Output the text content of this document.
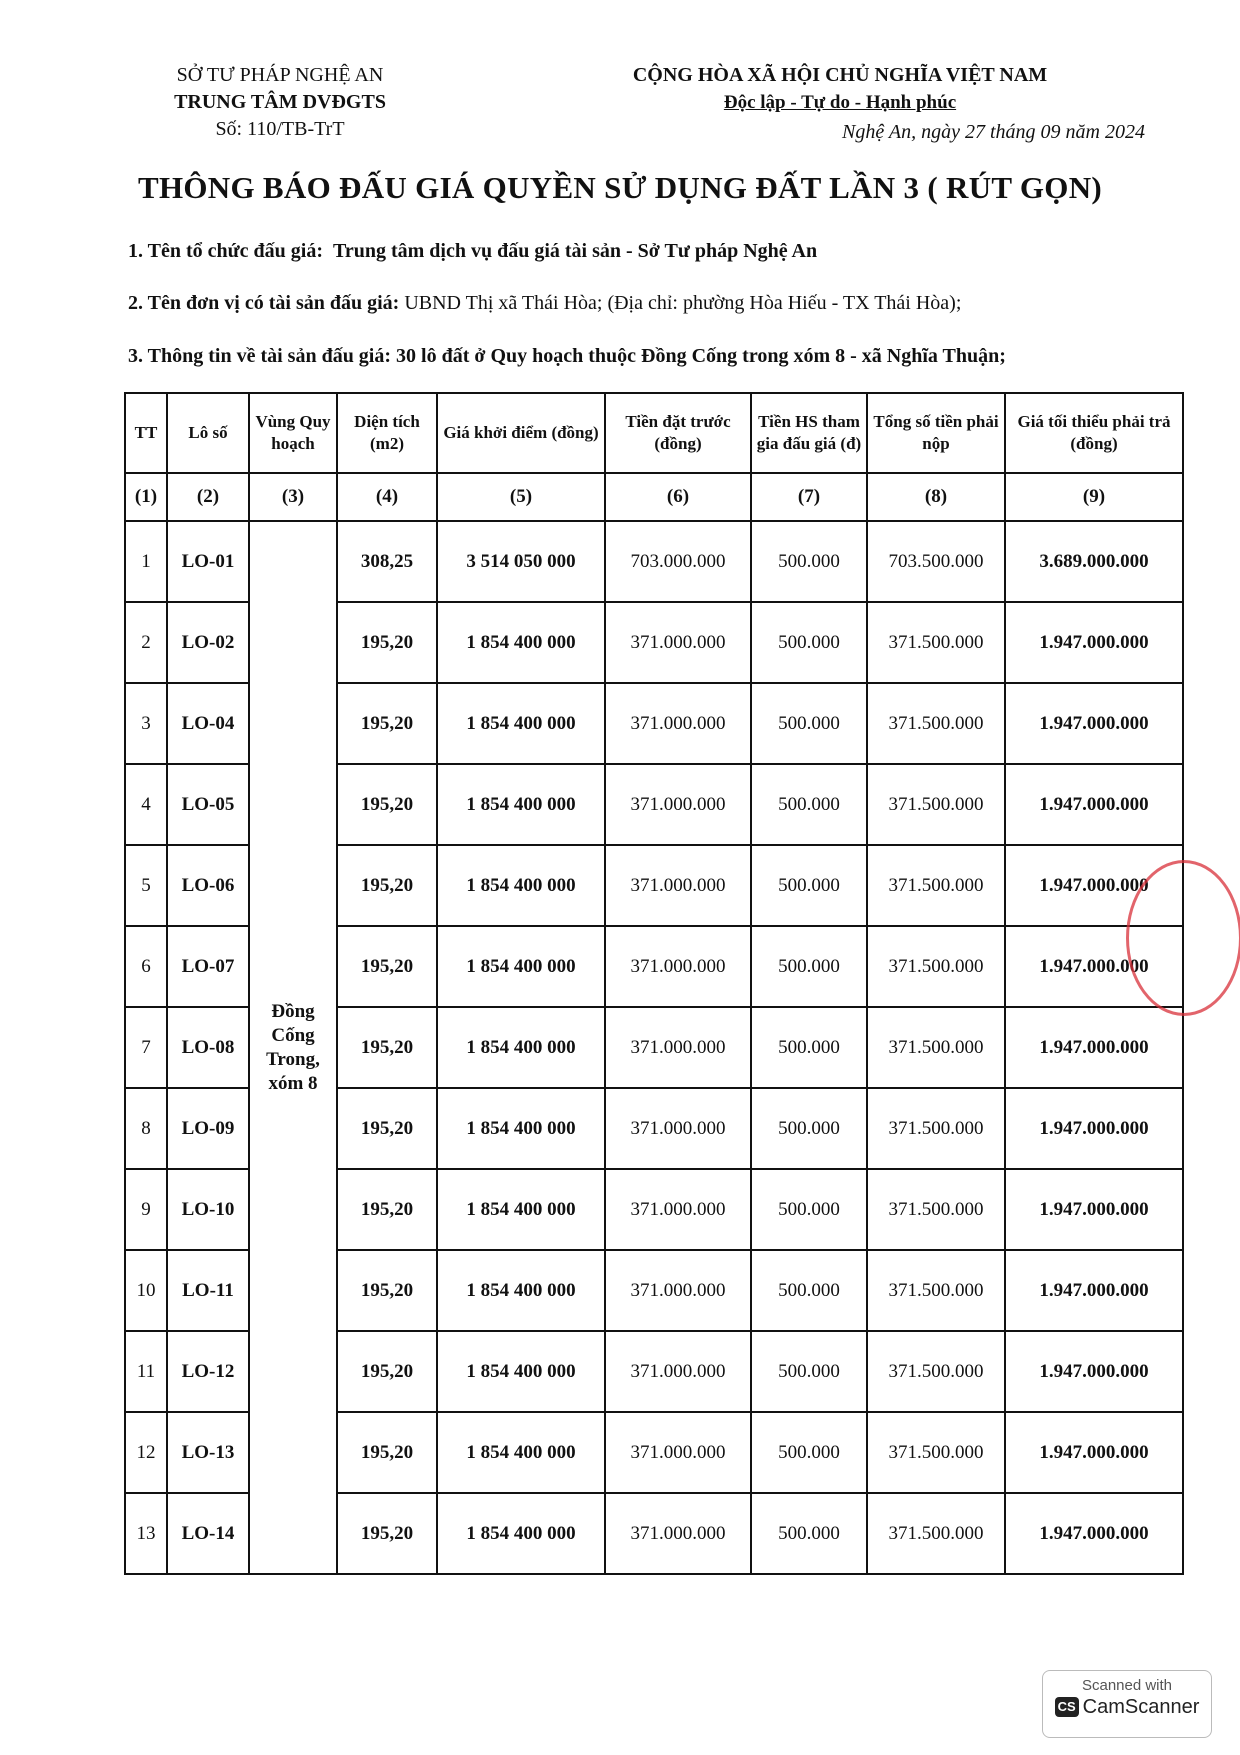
SỞ TƯ PHÁP NGHỆ AN
TRUNG TÂM DVĐGTS
Số: 110/TB-TrT
CỘNG HÒA XÃ HỘI CHỦ NGHĨA VIỆT NAM
Độc lập - Tự do - Hạnh phúc
Nghệ An, ngày 27 tháng 09 năm 2024
THÔNG BÁO ĐẤU GIÁ QUYỀN SỬ DỤNG ĐẤT LẦN 3 ( RÚT GỌN)
1. Tên tổ chức đấu giá: Trung tâm dịch vụ đấu giá tài sản - Sở Tư pháp Nghệ An
2. Tên đơn vị có tài sản đấu giá: UBND Thị xã Thái Hòa; (Địa chỉ: phường Hòa Hiếu - TX Thái Hòa);
3. Thông tin về tài sản đấu giá: 30 lô đất ở Quy hoạch thuộc Đồng Cống trong xóm 8 - xã Nghĩa Thuận;
TT	Lô số	Vùng Quy hoạch	Diện tích (m2)	Giá khởi điểm (đồng)	Tiền đặt trước (đồng)	Tiền HS tham gia đấu giá (đ)	Tổng số tiền phải nộp	Giá tối thiểu phải trả (đồng)
(1)	(2)	(3)	(4)	(5)	(6)	(7)	(8)	(9)
1	LO-01	Đồng Cống Trong, xóm 8	308,25	3 514 050 000	703.000.000	500.000	703.500.000	3.689.000.000
2	LO-02		195,20	1 854 400 000	371.000.000	500.000	371.500.000	1.947.000.000
3	LO-04		195,20	1 854 400 000	371.000.000	500.000	371.500.000	1.947.000.000
4	LO-05		195,20	1 854 400 000	371.000.000	500.000	371.500.000	1.947.000.000
5	LO-06		195,20	1 854 400 000	371.000.000	500.000	371.500.000	1.947.000.000
6	LO-07		195,20	1 854 400 000	371.000.000	500.000	371.500.000	1.947.000.000
7	LO-08		195,20	1 854 400 000	371.000.000	500.000	371.500.000	1.947.000.000
8	LO-09		195,20	1 854 400 000	371.000.000	500.000	371.500.000	1.947.000.000
9	LO-10		195,20	1 854 400 000	371.000.000	500.000	371.500.000	1.947.000.000
10	LO-11		195,20	1 854 400 000	371.000.000	500.000	371.500.000	1.947.000.000
11	LO-12		195,20	1 854 400 000	371.000.000	500.000	371.500.000	1.947.000.000
12	LO-13		195,20	1 854 400 000	371.000.000	500.000	371.500.000	1.947.000.000
13	LO-14		195,20	1 854 400 000	371.000.000	500.000	371.500.000	1.947.000.000
Scanned with
CS CamScanner
